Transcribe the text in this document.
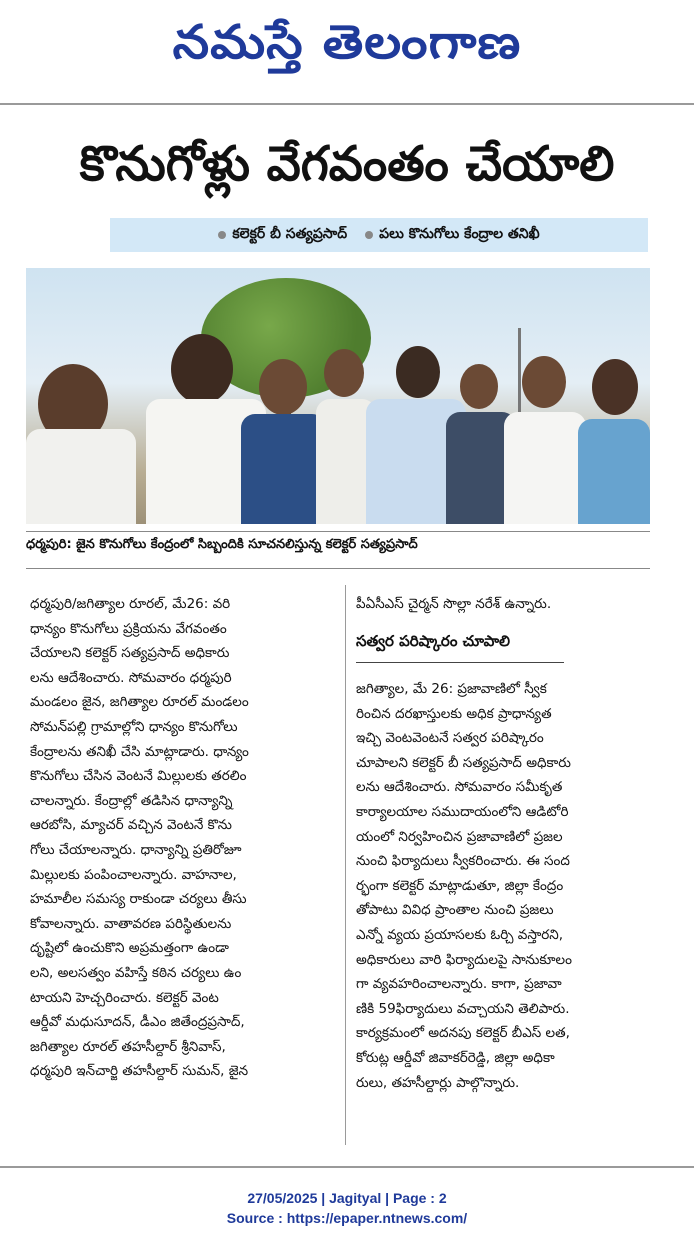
నమస్తే తెలంగాణ
కొనుగోళ్లు వేగవంతం చేయాలి
కలెక్టర్ బీ సత్యప్రసాద్ పలు కొనుగోలు కేంద్రాల తనిఖీ
ధర్మపురి: జైన కొనుగోలు కేంద్రంలో సిబ్బందికి సూచనలిస్తున్న కలెక్టర్ సత్యప్రసాద్
ధర్మపురి/జగిత్యాల రూరల్, మే26: వరి
ధాన్యం కొనుగోలు ప్రక్రియను వేగవంతం
చేయాలని కలెక్టర్ సత్యప్రసాద్ అధికారు
లను ఆదేశించారు. సోమవారం ధర్మపురి
మండలం జైన, జగిత్యాల రూరల్ మండలం
సోమన్‌పల్లి గ్రామాల్లోని ధాన్యం కొనుగోలు
కేంద్రాలను తనిఖీ చేసి మాట్లాడారు. ధాన్యం
కొనుగోలు చేసిన వెంటనే మిల్లులకు తరలిం
చాలన్నారు. కేంద్రాల్లో తడిసిన ధాన్యాన్ని
ఆరబోసి, మ్యాచర్ వచ్చిన వెంటనే కొను
గోలు చేయాలన్నారు. ధాన్యాన్ని ప్రతిరోజూ
మిల్లులకు పంపించాలన్నారు. వాహనాల,
హమాలీల సమస్య రాకుండా చర్యలు తీసు
కోవాలన్నారు. వాతావరణ పరిస్థితులను
దృష్టిలో ఉంచుకొని అప్రమత్తంగా ఉండా
లని, అలసత్వం వహిస్తే కఠిన చర్యలు ఉం
టాయని హెచ్చరించారు. కలెక్టర్ వెంట
ఆర్డీవో మధుసూదన్, డీఎం జితేంద్రప్రసాద్,
జగిత్యాల రూరల్ తహసీల్దార్ శ్రీనివాస్,
ధర్మపురి ఇన్‌చార్జి తహసీల్దార్ సుమన్, జైన
పీఏసీఎస్ చైర్మన్ సొల్లా నరేశ్ ఉన్నారు.
సత్వర పరిష్కారం చూపాలి
జగిత్యాల, మే 26: ప్రజావాణిలో స్వీక
రించిన దరఖాస్తులకు అధిక ప్రాధాన్యత
ఇచ్చి వెంటవెంటనే సత్వర పరిష్కారం
చూపాలని కలెక్టర్ బీ సత్యప్రసాద్ అధికారు
లను ఆదేశించారు. సోమవారం సమీకృత
కార్యాలయాల సముదాయంలోని ఆడిటోరి
యంలో నిర్వహించిన ప్రజావాణిలో ప్రజల
నుంచి ఫిర్యాదులు స్వీకరించారు. ఈ సంద
ర్భంగా కలెక్టర్ మాట్లాడుతూ, జిల్లా కేంద్రం
తోపాటు వివిధ ప్రాంతాల నుంచి ప్రజలు
ఎన్నో వ్యయ ప్రయాసలకు ఓర్చి వస్తారని,
అధికారులు వారి ఫిర్యాదులపై సానుకూలం
గా వ్యవహరించాలన్నారు. కాగా, ప్రజావా
ణికి 59ఫిర్యాదులు వచ్చాయని తెలిపారు.
కార్యక్రమంలో అదనపు కలెక్టర్ బీఎస్ లత,
కోరుట్ల ఆర్డీవో జివాకర్‌రెడ్డి, జిల్లా అధికా
రులు, తహసీల్దార్లు పాల్గొన్నారు.
27/05/2025 | Jagityal | Page : 2
Source : https://epaper.ntnews.com/
